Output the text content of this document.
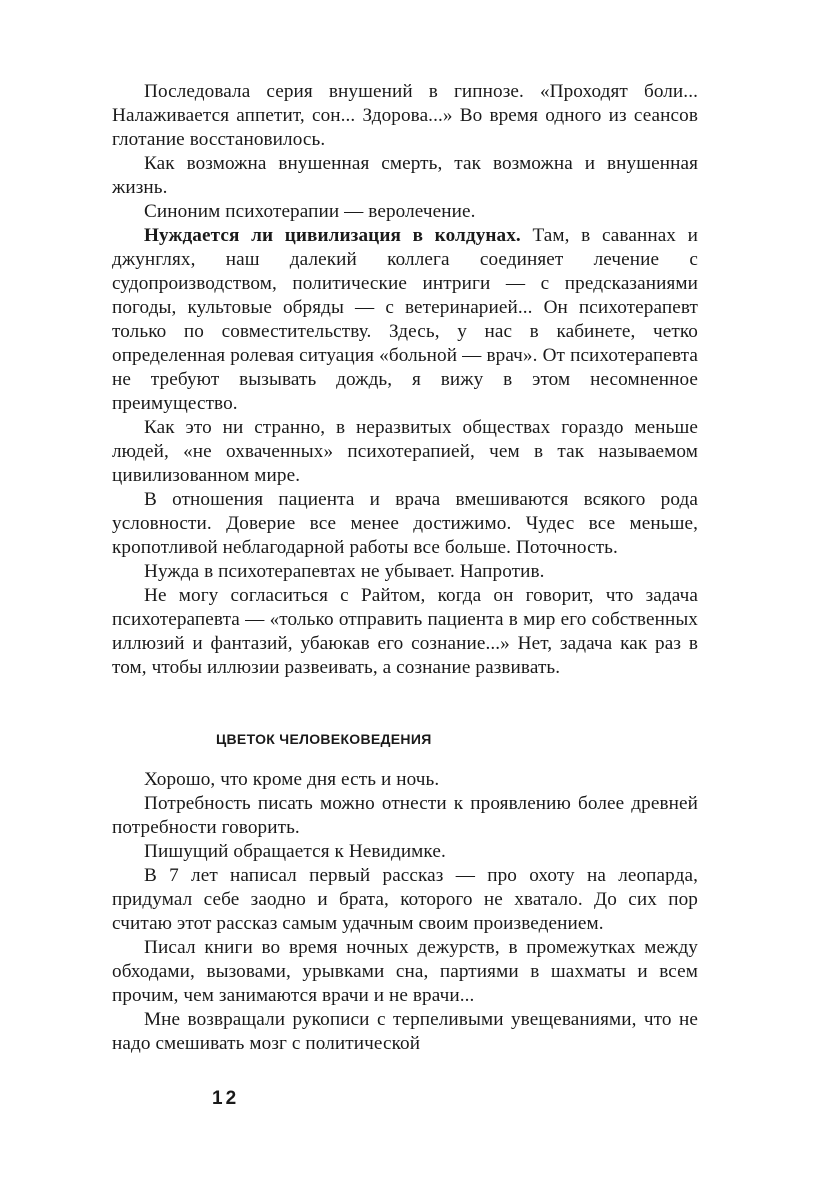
Последовала серия внушений в гипнозе. «Проходят боли... Налаживается аппетит, сон... Здорова...» Во время одного из сеансов глотание восстановилось.

Как возможна внушенная смерть, так возможна и внушенная жизнь.

Синоним психотерапии — веролечение.

Нуждается ли цивилизация в колдунах. Там, в саваннах и джунглях, наш далекий коллега соединяет лечение с судопроизводством, политические интриги — с предсказаниями погоды, культовые обряды — с ветеринарией... Он психотерапевт только по совместительству. Здесь, у нас в кабинете, четко определенная ролевая ситуация «больной — врач». От психотерапевта не требуют вызывать дождь, я вижу в этом несомненное преимущество.

Как это ни странно, в неразвитых обществах гораздо меньше людей, «не охваченных» психотерапией, чем в так называемом цивилизованном мире.

В отношения пациента и врача вмешиваются всякого рода условности. Доверие все менее достижимо. Чудес все меньше, кропотливой неблагодарной работы все больше. Поточность.

Нужда в психотерапевтах не убывает. Напротив.

Не могу согласиться с Райтом, когда он говорит, что задача психотерапевта — «только отправить пациента в мир его собственных иллюзий и фантазий, убаюкав его сознание...» Нет, задача как раз в том, чтобы иллюзии развеивать, а сознание развивать.

ЦВЕТОК ЧЕЛОВЕКОВЕДЕНИЯ

Хорошо, что кроме дня есть и ночь.

Потребность писать можно отнести к проявлению более древней потребности говорить.

Пишущий обращается к Невидимке.

В 7 лет написал первый рассказ — про охоту на леопарда, придумал себе заодно и брата, которого не хватало. До сих пор считаю этот рассказ самым удачным своим произведением.

Писал книги во время ночных дежурств, в промежутках между обходами, вызовами, урывками сна, партиями в шахматы и всем прочим, чем занимаются врачи и не врачи...

Мне возвращали рукописи с терпеливыми увещеваниями, что не надо смешивать мозг с политической

12
